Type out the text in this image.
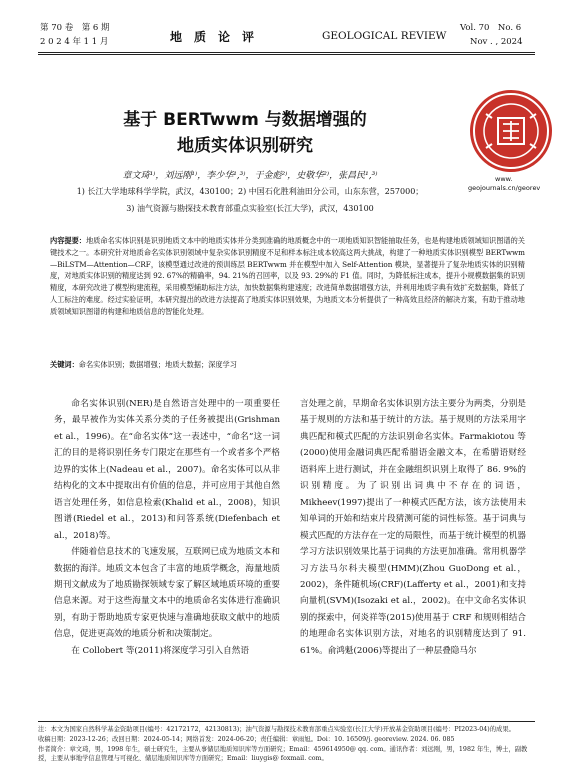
第 70 卷　第 6 期
2 0 2 4 年 1 1 月	地　质　论　评	GEOLOGICAL REVIEW
Vol. 70　No. 6
Nov . , 2024
www.
geojournals.cn/georev
基于 BERTwwm 与数据增强的
地质实体识别研究
章文琦¹⁾，刘远刚¹⁾，李少华¹,³⁾，于金彪²⁾，史敬华²⁾，张昌民¹,³⁾
1) 长江大学地球科学学院，武汉，430100；2) 中国石化胜利油田分公司，山东东营，257000；
3) 油气资源与勘探技术教育部重点实验室(长江大学)，武汉，430100
内容提要：地质命名实体识别是识别地质文本中的地质实体并分类到准确的地质概念中的一项地质知识智能抽取任务，也是构建地质领域知识图谱的关键技术之一。本研究针对地质命名实体识别领域中复杂实体识别精度不足和样本标注成本较高这两大挑战，构建了一种地质实体识别模型 BERTwwm—BiLSTM—Attention—CRF，该模型通过改进的预训练层 BERTwwm 并在模型中加入 Self-Attention 模块，显著提升了复杂地质实体的识别精度，对地质实体识别的精度达到 92. 67%的精确率，94. 21%的召回率，以及 93. 29%的 F1 值。同时，为降低标注成本，提升小规模数据集的识别精度，本研究改进了模型构建流程，采用模型辅助标注方法，加快数据集构建速度；改进简单数据增强方法，并利用地质字典有效扩充数据集，降低了人工标注的难度。经过实验证明，本研究提出的改进方法提高了地质实体识别效果，为地质文本分析提供了一种高效且经济的解决方案，有助于推动地质领域知识图谱的构建和地质信息的智能化处理。
关键词：命名实体识别；数据增强；地质大数据；深度学习

命名实体识别(NER)是自然语言处理中的一项重要任务，最早被作为实体关系分类的子任务被提出(Grishman et al.，1996)。在“命名实体”这一表述中，“命名”这一词汇的目的是将识别任务专门限定在那些有一个或者多个严格边界的实体上(Nadeau et al.，2007)。命名实体可以从非结构化的文本中提取出有价值的信息，并可应用于其他自然语言处理任务，如信息检索(Khalid et al.，2008)，知识图谱(Riedel et al.，2013)和问答系统(Diefenbach et al.，2018)等。

伴随着信息技术的飞速发展，互联网已成为地质文本和数据的海洋。地质文本包含了丰富的地质学概念，海量地质期刊文献成为了地质勘探领域专家了解区域地质环境的重要信息来源。对于这些海量文本中的地质命名实体进行准确识别，有助于帮助地质专家更快速与准确地获取文献中的地质信息，促进更高效的地质分析和决策制定。

在 Collobert 等(2011)将深度学习引入自然语

言处理之前，早期命名实体识别方法主要分为两类，分别是基于规则的方法和基于统计的方法。基于规则的方法采用字典匹配和模式匹配的方法识别命名实体。Farmakiotou 等(2000)使用金融词典匹配希腊语金融文本，在希腊语财经语料库上进行测试，并在金融组织识别上取得了 86. 9%的识别精度。为了识别出词典中不存在的词语，Mikheev(1997)提出了一种模式匹配方法，该方法使用未知单词的开始和结束片段猜测可能的词性标签。基于词典与模式匹配的方法存在一定的局限性，而基于统计模型的机器学习方法识别效果比基于词典的方法更加准确。常用机器学习方法马尔科夫模型(HMM)(Zhou GuoDong et al.，2002)，条件随机场(CRF)(Lafferty et al.，2001)和支持向量机(SVM)(Isozaki et al.，2002)。在中文命名实体识别的探索中，何炎祥等(2015)使用基于 CRF 和规则相结合的地理命名实体识别方法，对地名的识别精度达到了 91. 61%。俞鸿魁(2006)等提出了一种层叠隐马尔

注：本文为国家自然科学基金资助项目(编号：42172172，42130813)；油气资源与勘探技术教育部重点实验室(长江大学)开放基金资助项目(编号：PI2023-04)的成果。
收稿日期：2023-12-26；改回日期：2024-05-14；网络首发：2024-06-20；责任编辑：章雨旭。Doi：10. 16509/j. georeview. 2024. 06. 085
作者简介：章文琦，男，1998 年生，硕士研究生，主要从事储层地质知识库等方面研究；Email：459614950@ qq. com。通讯作者：刘远刚，男，1982 年生，博士，副教授，主要从事地学信息管理与可视化、储层地质知识库等方面研究；Email：liuygis@ foxmail. com。
